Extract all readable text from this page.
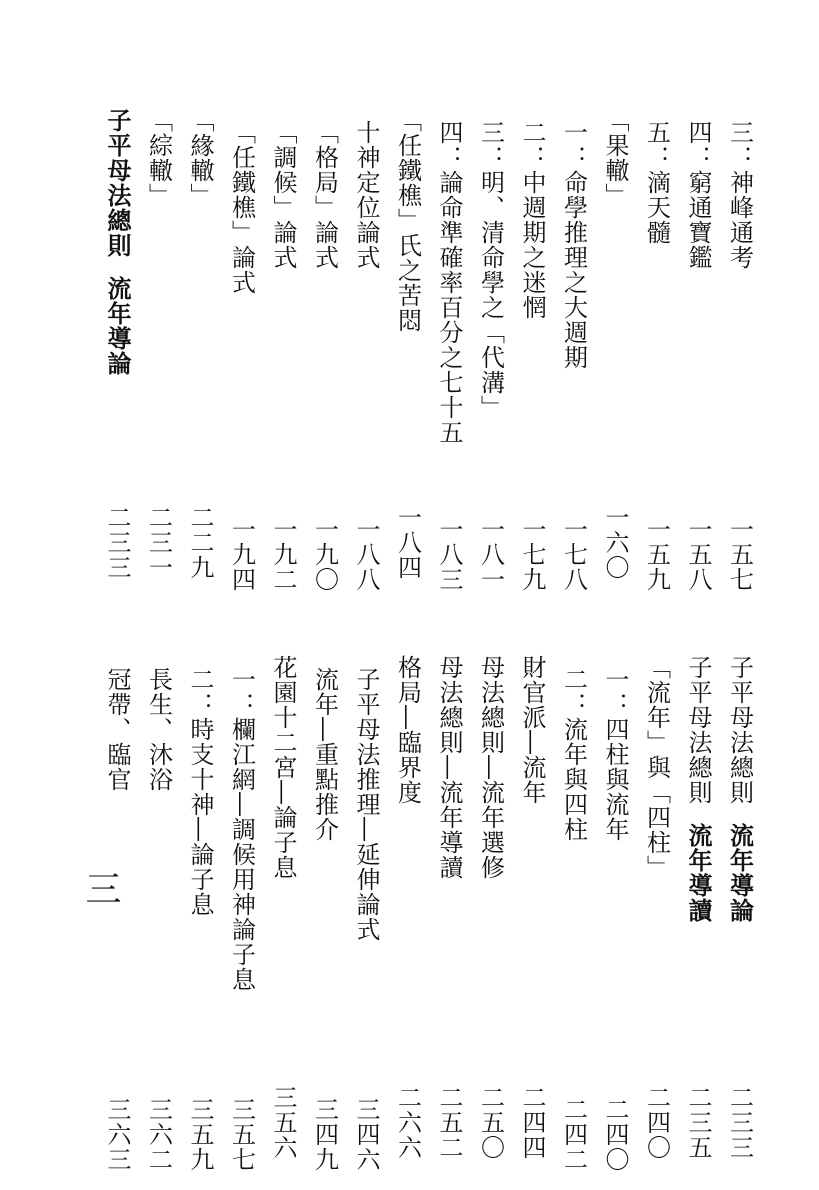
三：神峰通考
一五七
四：窮通寶鑑
一五八
五：滴天髓
一五九
「果轍」
一六〇
一：命學推理之大週期
一七八
二：中週期之迷惘
一七九
三：明、清命學之「代溝」
一八一
四：論命準確率百分之七十五
一八三
「任鐵樵」氏之苦悶
一八四
十神定位論式
一八八
「格局」論式
一九〇
「調候」論式
一九二
「任鐵樵」論式
一九四
「緣轍」
二二九
「綜轍」
二三一
子平母法總則流年導論
二三三
子平母法總則流年導論
二三三
子平母法總則流年導讀
二三五
「流年」與「四柱」
二四〇
一：四柱與流年
二四〇
二：流年與四柱
二四二
財官派―流年
二四四
母法總則―流年選修
二五〇
母法總則―流年導讀
二五二
格局―臨界度
二六六
子平母法推理―延伸論式
三四六
流年―重點推介
三四九
花園十二宮―論子息
三五六
一：欄江網―調候用神論子息
三五七
二：時支十神―論子息
三五九
長生、沐浴
三六二
冠帶、臨官
三六三
三
